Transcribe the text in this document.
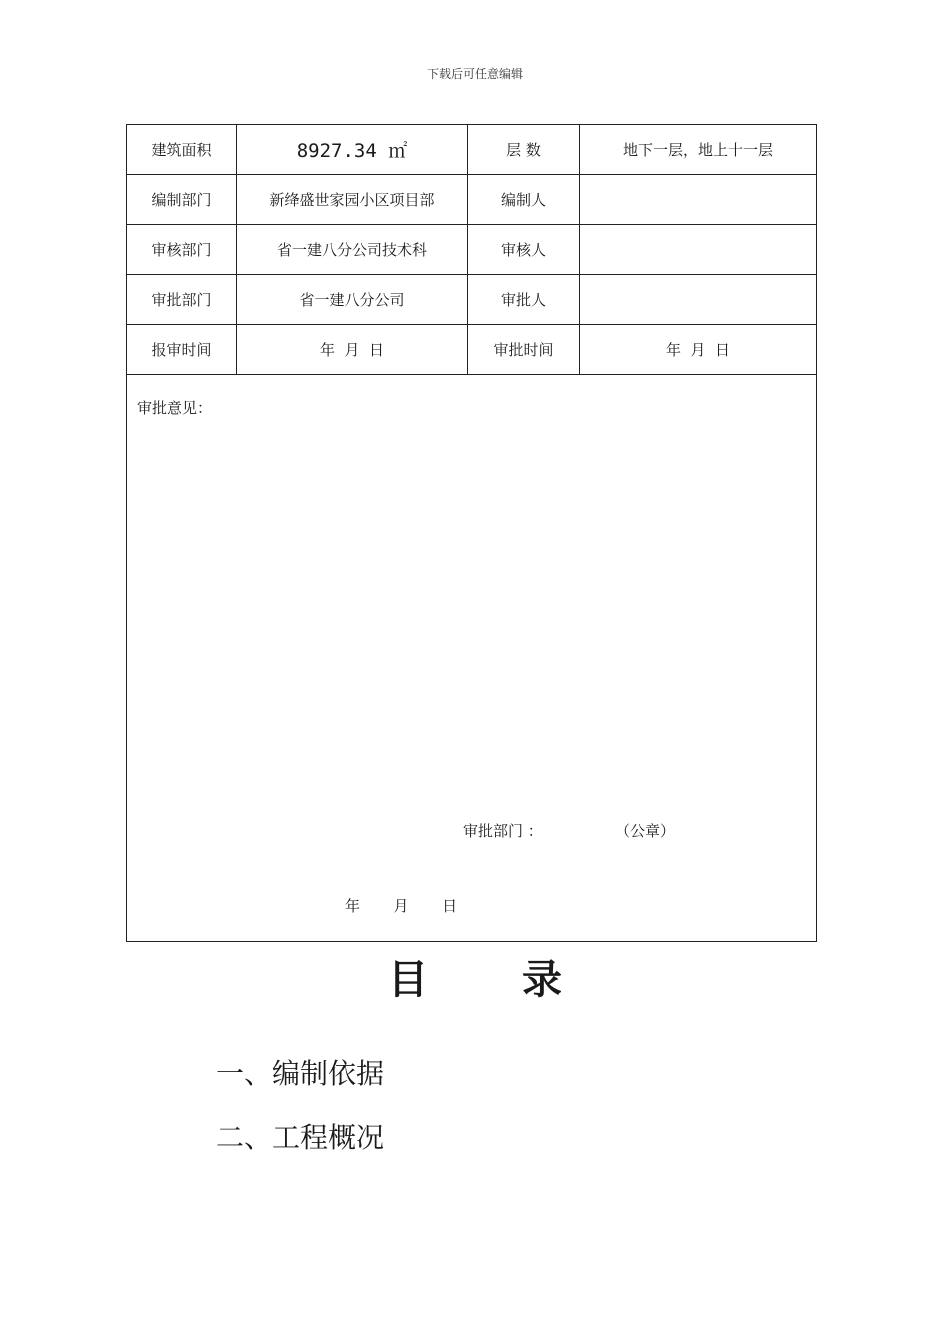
下载后可任意编辑
建筑面积	8927.34 ㎡	层 数	地下一层，地上十一层
编制部门	新绛盛世家园小区项目部	编制人	
审核部门	省一建八分公司技术科	审核人	
审批部门	省一建八分公司	审批人	
报审时间	年  月  日	审批时间	年  月  日

审批意见：
审批部门 ： （公章）
年  月  日			
目 录
一、编制依据
二、工程概况
